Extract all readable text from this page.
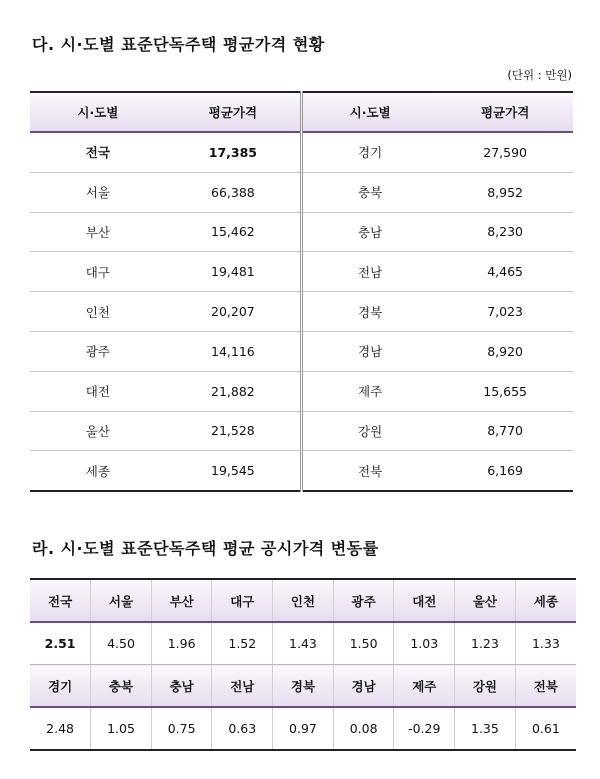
다. 시·도별 표준단독주택 평균가격 현황
(단위 : 만원)
시·도별	평균가격	시·도별	평균가격
전국	17,385	경기	27,590
서울	66,388	충북	8,952
부산	15,462	충남	8,230
대구	19,481	전남	4,465
인천	20,207	경북	7,023
광주	14,116	경남	8,920
대전	21,882	제주	15,655
울산	21,528	강원	8,770
세종	19,545	전북	6,169
라. 시·도별 표준단독주택 평균 공시가격 변동률
전국	서울	부산	대구	인천	광주	대전	울산	세종
2.51	4.50	1.96	1.52	1.43	1.50	1.03	1.23	1.33
경기	충북	충남	전남	경북	경남	제주	강원	전북
2.48	1.05	0.75	0.63	0.97	0.08	-0.29	1.35	0.61
